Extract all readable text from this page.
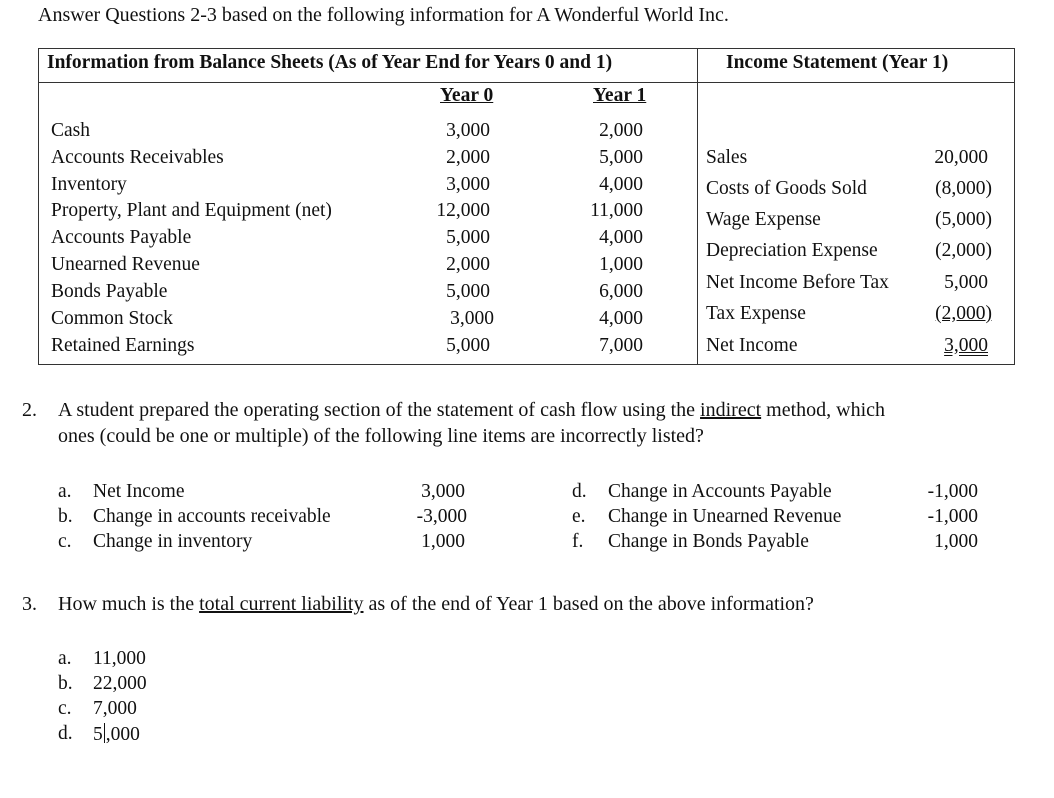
Answer Questions 2-3 based on the following information for A Wonderful World Inc.
Information from Balance Sheets (As of Year End for Years 0 and 1)	Income Statement (Year 1)
Year 0	Year 1
Cash	3,000	2,000
Accounts Receivables	2,000	5,000
Inventory	3,000	4,000
Property, Plant and Equipment (net)	12,000	11,000
Accounts Payable	5,000	4,000
Unearned Revenue	2,000	1,000
Bonds Payable	5,000	6,000
Common Stock	3,000	4,000
Retained Earnings	5,000	7,000
Sales	20,000
Costs of Goods Sold	(8,000)
Wage Expense	(5,000)
Depreciation Expense	(2,000)
Net Income Before Tax	5,000
Tax Expense	(2,000)
Net Income	3,000
2. A student prepared the operating section of the statement of cash flow using the indirect method, which
ones (could be one or multiple) of the following line items are incorrectly listed?
a. Net Income	3,000
b. Change in accounts receivable	-3,000
c. Change in inventory	1,000
d. Change in Accounts Payable	-1,000
e. Change in Unearned Revenue	-1,000
f. Change in Bonds Payable	1,000
3. How much is the total current liability as of the end of Year 1 based on the above information?
a. 11,000
b. 22,000
c. 7,000
d. 5 ,000
